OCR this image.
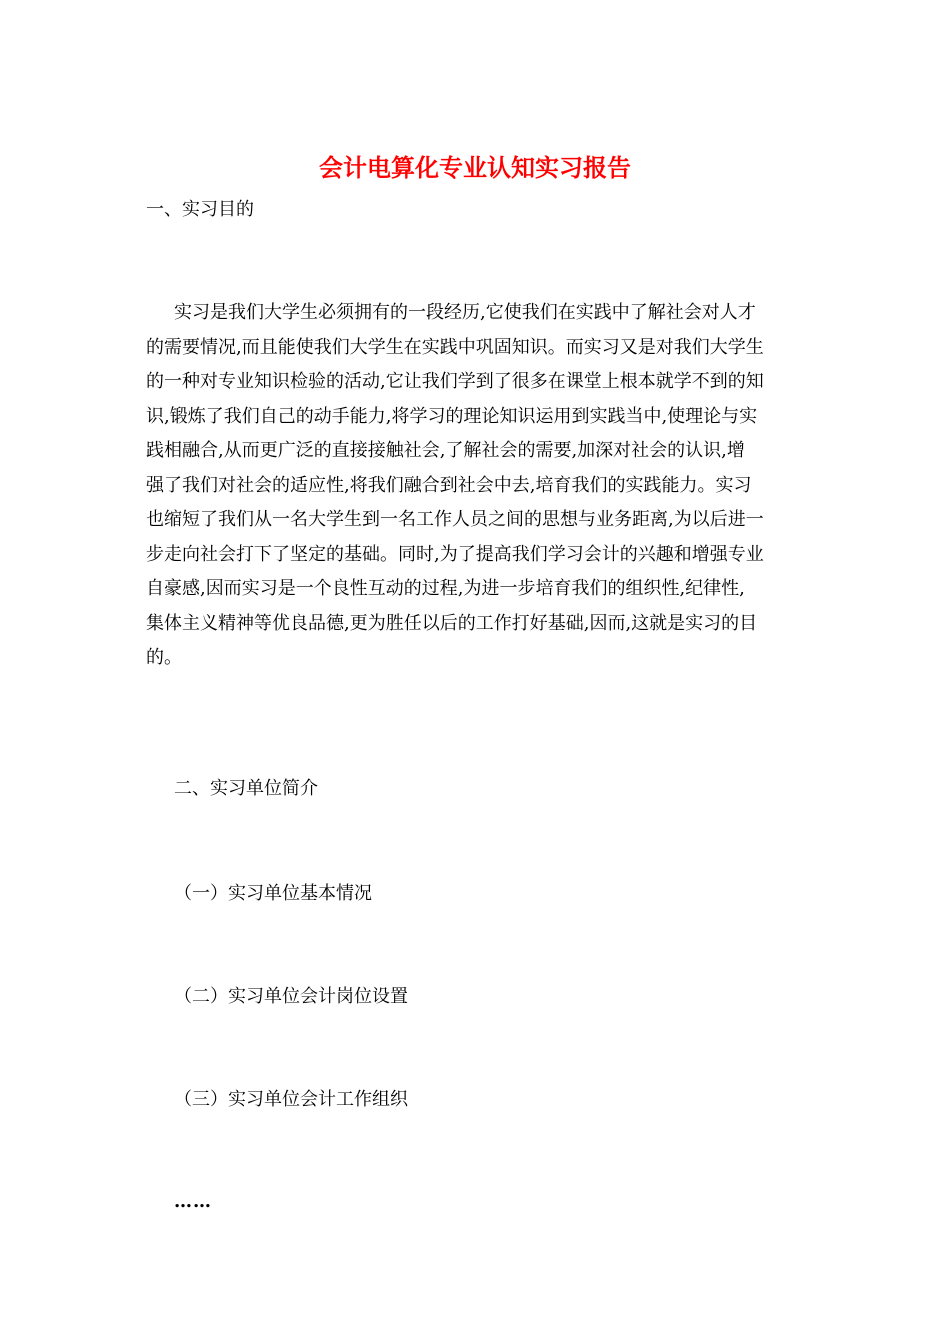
会计电算化专业认知实习报告
一、实习目的
实习是我们大学生必须拥有的一段经历,它使我们在实践中了解社会对人才
的需要情况,而且能使我们大学生在实践中巩固知识。而实习又是对我们大学生
的一种对专业知识检验的活动,它让我们学到了很多在课堂上根本就学不到的知
识,锻炼了我们自己的动手能力,将学习的理论知识运用到实践当中,使理论与实
践相融合,从而更广泛的直接接触社会,了解社会的需要,加深对社会的认识,增
强了我们对社会的适应性,将我们融合到社会中去,培育我们的实践能力。实习
也缩短了我们从一名大学生到一名工作人员之间的思想与业务距离,为以后进一
步走向社会打下了坚定的基础。同时,为了提高我们学习会计的兴趣和增强专业
自豪感,因而实习是一个良性互动的过程,为进一步培育我们的组织性,纪律性,
集体主义精神等优良品德,更为胜任以后的工作打好基础,因而,这就是实习的目
的。
二、实习单位简介
（一）实习单位基本情况
（二）实习单位会计岗位设置
（三）实习单位会计工作组织
……
